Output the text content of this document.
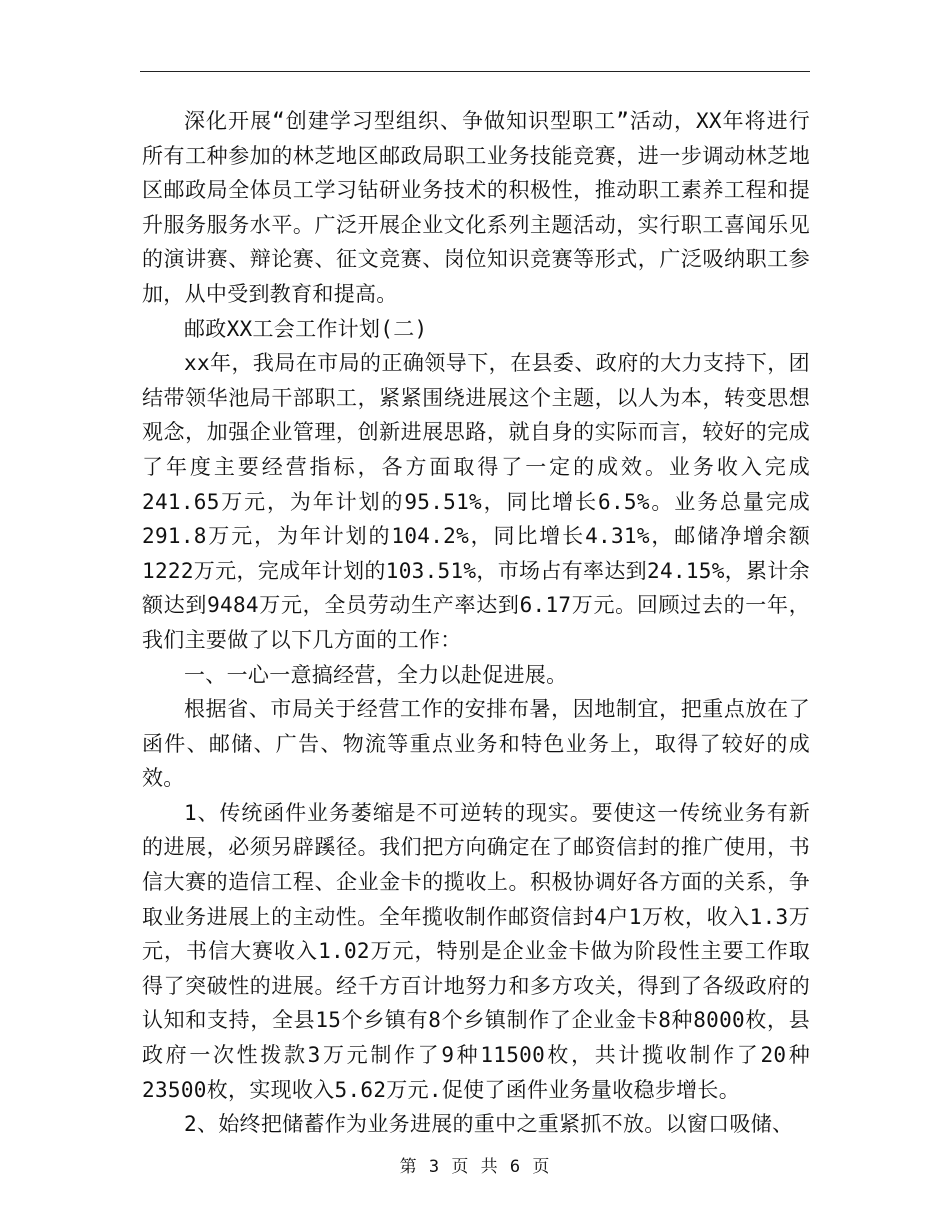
深化开展“创建学习型组织、争做知识型职工”活动，XX年将进行所有工种参加的林芝地区邮政局职工业务技能竞赛，进一步调动林芝地区邮政局全体员工学习钻研业务技术的积极性，推动职工素养工程和提升服务服务水平。广泛开展企业文化系列主题活动，实行职工喜闻乐见的演讲赛、辩论赛、征文竞赛、岗位知识竞赛等形式，广泛吸纳职工参加，从中受到教育和提高。

邮政XX工会工作计划(二)

xx年，我局在市局的正确领导下，在县委、政府的大力支持下，团结带领华池局干部职工，紧紧围绕进展这个主题，以人为本，转变思想观念，加强企业管理，创新进展思路，就自身的实际而言，较好的完成了年度主要经营指标，各方面取得了一定的成效。业务收入完成241.65万元，为年计划的95.51%，同比增长6.5%。业务总量完成291.8万元，为年计划的104.2%，同比增长4.31%，邮储净增余额1222万元，完成年计划的103.51%，市场占有率达到24.15%，累计余额达到9484万元，全员劳动生产率达到6.17万元。回顾过去的一年，我们主要做了以下几方面的工作：

一、一心一意搞经营，全力以赴促进展。

根据省、市局关于经营工作的安排布暑，因地制宜，把重点放在了函件、邮储、广告、物流等重点业务和特色业务上，取得了较好的成效。

1、传统函件业务萎缩是不可逆转的现实。要使这一传统业务有新的进展，必须另辟蹊径。我们把方向确定在了邮资信封的推广使用，书信大赛的造信工程、企业金卡的揽收上。积极协调好各方面的关系，争取业务进展上的主动性。全年揽收制作邮资信封4户1万枚，收入1.3万元，书信大赛收入1.02万元，特别是企业金卡做为阶段性主要工作取得了突破性的进展。经千方百计地努力和多方攻关，得到了各级政府的认知和支持，全县15个乡镇有8个乡镇制作了企业金卡8种8000枚，县政府一次性拨款3万元制作了9种11500枚，共计揽收制作了20种23500枚，实现收入5.62万元.促使了函件业务量收稳步增长。

2、始终把储蓄作为业务进展的重中之重紧抓不放。以窗口吸储、

第 3 页 共 6 页
